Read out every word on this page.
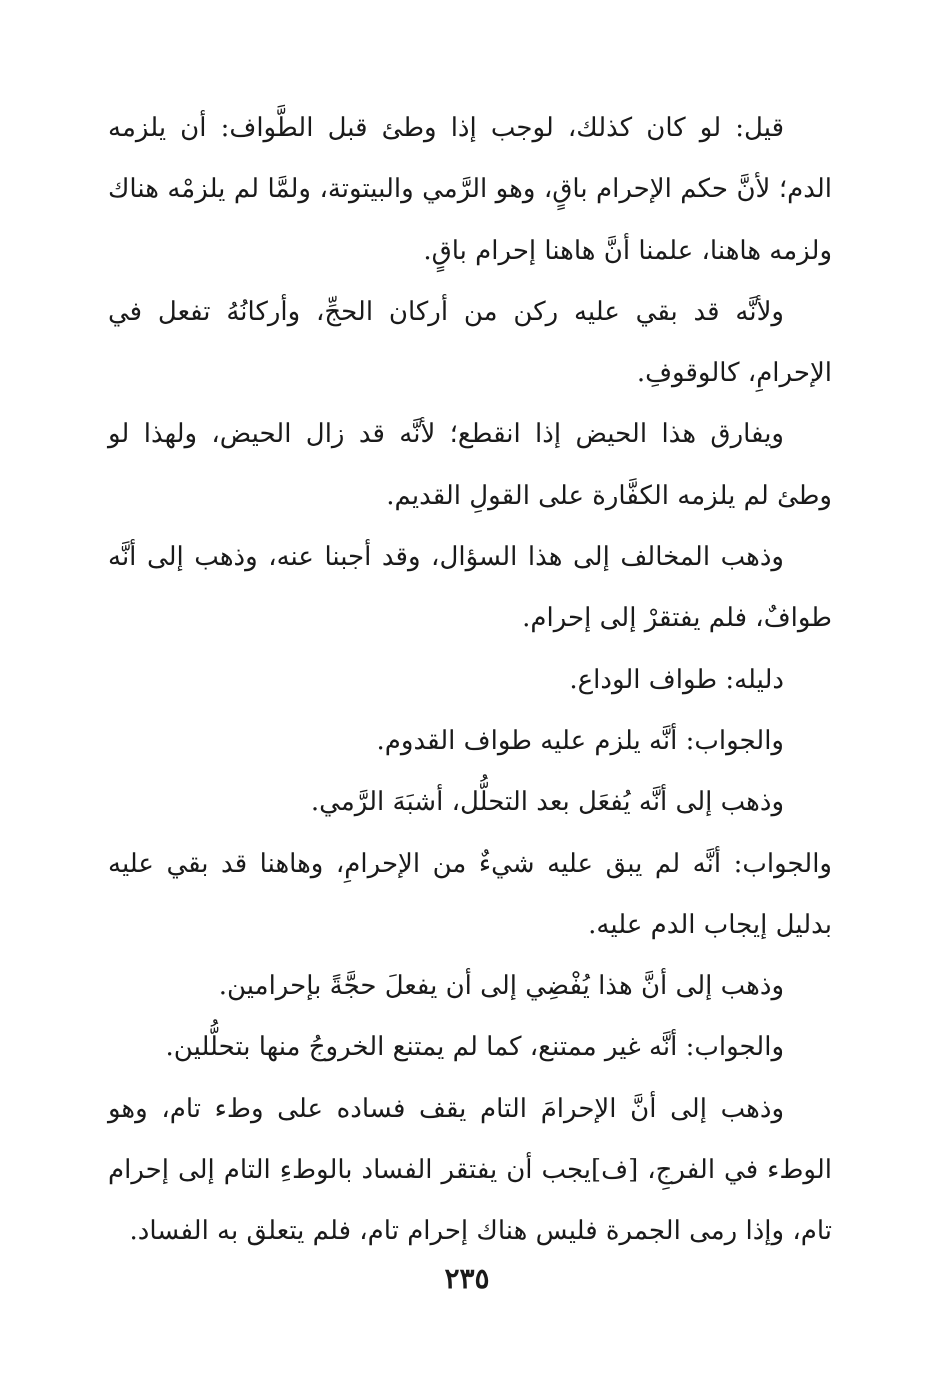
قيل: لو كان كذلك، لوجب إذا وطئ قبل الطَّواف: أن يلزمه الدم؛ لأنَّ حكم الإحرام باقٍ، وهو الرَّمي والبيتوتة، ولمَّا لم يلزمْه هناك ولزمه هاهنا، علمنا أنَّ هاهنا إحرام باقٍ.

ولأنَّه قد بقي عليه ركن من أركان الحجِّ، وأركانُهُ تفعل في الإحرامِ، كالوقوفِ.

ويفارق هذا الحيض إذا انقطع؛ لأنَّه قد زال الحيض، ولهذا لو وطئ لم يلزمه الكفَّارة على القولِ القديم.

وذهب المخالف إلى هذا السؤال، وقد أجبنا عنه، وذهب إلى أنَّه طوافٌ، فلم يفتقرْ إلى إحرام.

دليله: طواف الوداع.

والجواب: أنَّه يلزم عليه طواف القدوم.

وذهب إلى أنَّه يُفعَل بعد التحلُّل، أشبَهَ الرَّمي.

والجواب: أنَّه لم يبق عليه شيءٌ من الإحرامِ، وهاهنا قد بقي عليه بدليل إيجاب الدم عليه.

وذهب إلى أنَّ هذا يُفْضِي إلى أن يفعلَ حجَّةً بإحرامين.

والجواب: أنَّه غير ممتنع، كما لم يمتنع الخروجُ منها بتحلُّلين.

وذهب إلى أنَّ الإحرامَ التام يقف فساده على وطء تام، وهو الوطء في الفرجِ، [ف]يجب أن يفتقر الفساد بالوطءِ التام إلى إحرام تام، وإذا رمى الجمرة فليس هناك إحرام تام، فلم يتعلق به الفساد.

٢٣٥
